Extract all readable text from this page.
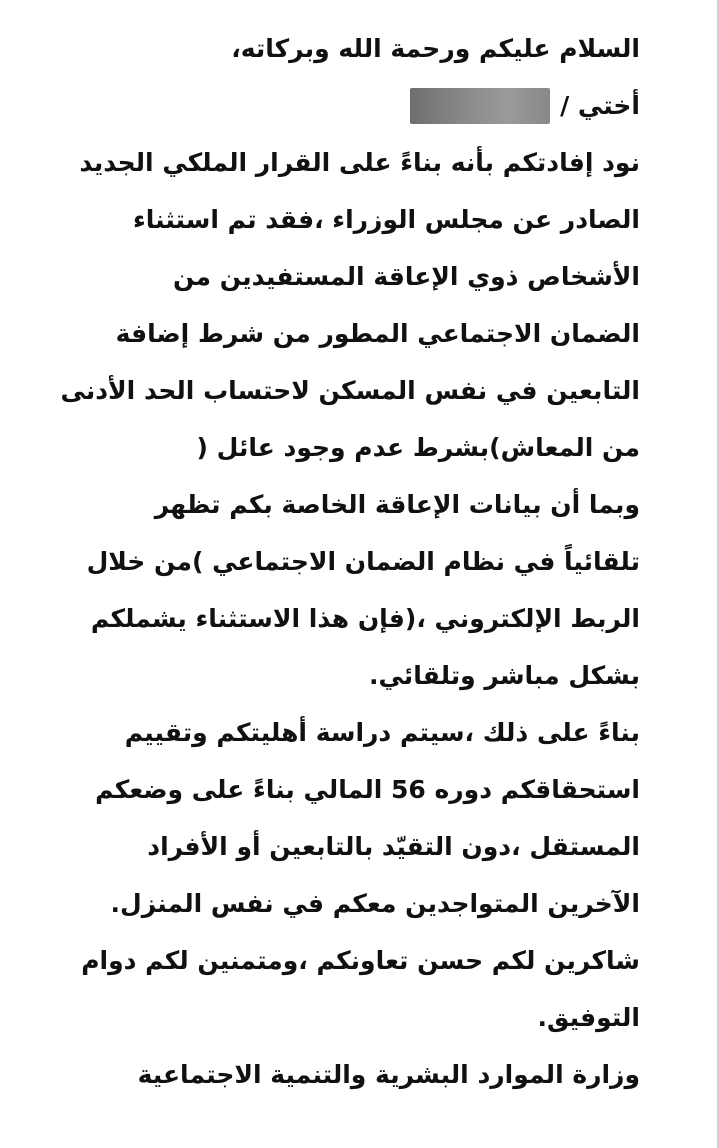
السلام عليكم ورحمة الله وبركاته،
أختي /
نود إفادتكم بأنه بناءً على القرار الملكي الجديد
الصادر عن مجلس الوزراء ،فقد تم استثناء
الأشخاص ذوي الإعاقة المستفيدين من
الضمان الاجتماعي المطور من شرط إضافة
التابعين في نفس المسكن لاحتساب الحد الأدنى
من المعاش)بشرط عدم وجود عائل (
وبما أن بيانات الإعاقة الخاصة بكم تظهر
تلقائياً في نظام الضمان الاجتماعي )من خلال
الربط الإلكتروني ،(فإن هذا الاستثناء يشملكم
بشكل مباشر وتلقائي.
بناءً على ذلك ،سيتم دراسة أهليتكم وتقييم
استحقاقكم دوره 56 المالي بناءً على وضعكم
المستقل ،دون التقيّد بالتابعين أو الأفراد
الآخرين المتواجدين معكم في نفس المنزل.
شاكرين لكم حسن تعاونكم ،ومتمنين لكم دوام
التوفيق.
وزارة الموارد البشرية والتنمية الاجتماعية
